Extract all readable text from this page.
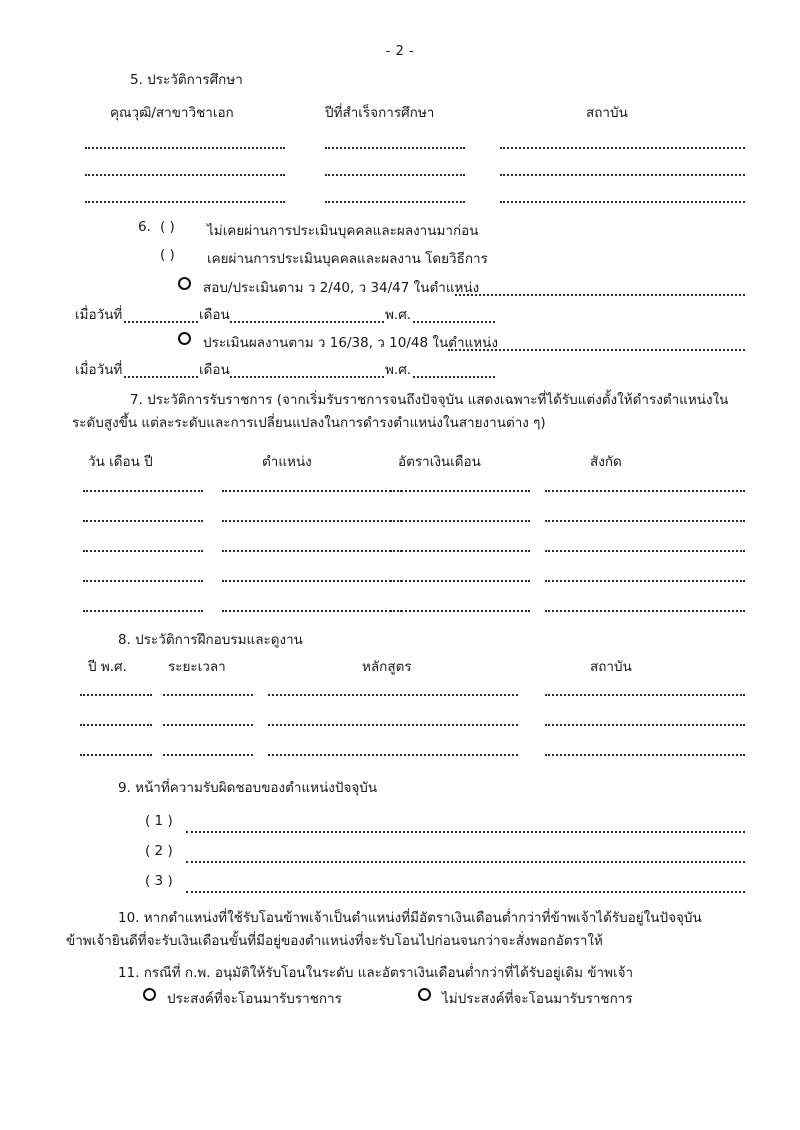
- 2 -
5. ประวัติการศึกษา
คุณวุฒิ/สาขาวิชาเอก	ปีที่สำเร็จการศึกษา	สถาบัน
6. ( ) ไม่เคยผ่านการประเมินบุคคลและผลงานมาก่อน
( ) เคยผ่านการประเมินบุคคลและผลงาน โดยวิธีการ
สอบ/ประเมินตาม ว 2/40, ว 34/47 ในตำแหน่ง
เมื่อวันที่	เดือน	พ.ศ.
ประเมินผลงานตาม ว 16/38, ว 10/48 ในตำแหน่ง
เมื่อวันที่	เดือน	พ.ศ.
7. ประวัติการรับราชการ (จากเริ่มรับราชการจนถึงปัจจุบัน แสดงเฉพาะที่ได้รับแต่งตั้งให้ดำรงตำแหน่งใน
ระดับสูงขึ้น แต่ละระดับและการเปลี่ยนแปลงในการดำรงตำแหน่งในสายงานต่าง ๆ)
วัน เดือน ปี	ตำแหน่ง	อัตราเงินเดือน	สังกัด
8. ประวัติการฝึกอบรมและดูงาน
ปี พ.ศ.	ระยะเวลา	หลักสูตร	สถาบัน
9. หน้าที่ความรับผิดชอบของตำแหน่งปัจจุบัน
( 1 )
( 2 )
( 3 )
10. หากตำแหน่งที่ใช้รับโอนข้าพเจ้าเป็นตำแหน่งที่มีอัตราเงินเดือนต่ำกว่าที่ข้าพเจ้าได้รับอยู่ในปัจจุบัน
ข้าพเจ้ายินดีที่จะรับเงินเดือนขั้นที่มีอยู่ของตำแหน่งที่จะรับโอนไปก่อนจนกว่าจะสั่งพอกอัตราให้
11. กรณีที่ ก.พ. อนุมัติให้รับโอนในระดับ และอัตราเงินเดือนต่ำกว่าที่ได้รับอยู่เดิม ข้าพเจ้า
ประสงค์ที่จะโอนมารับราชการ	ไม่ประสงค์ที่จะโอนมารับราชการ
